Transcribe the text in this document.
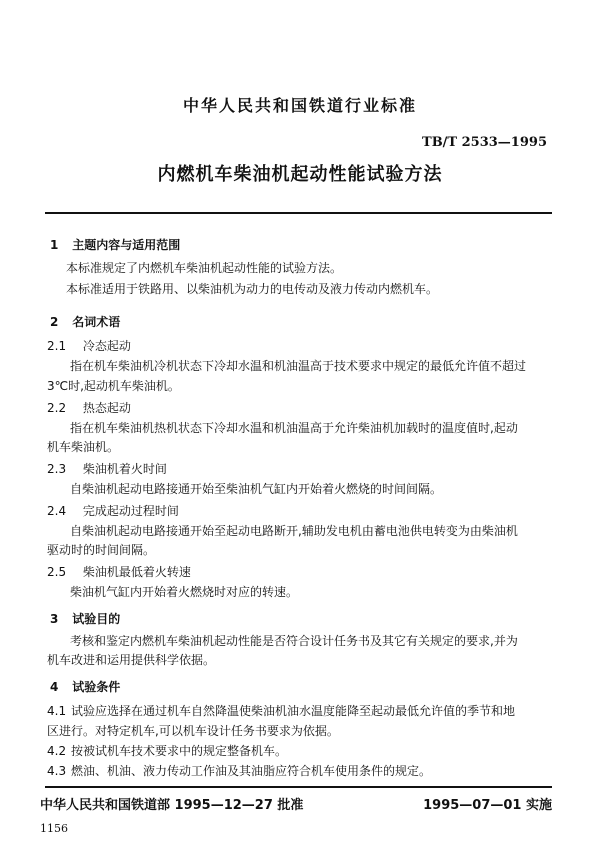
中华人民共和国铁道行业标准
TB/T 2533—1995
内燃机车柴油机起动性能试验方法
1 主题内容与适用范围
本标准规定了内燃机车柴油机起动性能的试验方法。
本标准适用于铁路用、以柴油机为动力的电传动及液力传动内燃机车。
2 名词术语
2.1 冷态起动
指在机车柴油机冷机状态下冷却水温和机油温高于技术要求中规定的最低允许值不超过
3℃时,起动机车柴油机。
2.2 热态起动
指在机车柴油机热机状态下冷却水温和机油温高于允许柴油机加载时的温度值时,起动
机车柴油机。
2.3 柴油机着火时间
自柴油机起动电路接通开始至柴油机气缸内开始着火燃烧的时间间隔。
2.4 完成起动过程时间
自柴油机起动电路接通开始至起动电路断开,辅助发电机由蓄电池供电转变为由柴油机
驱动时的时间间隔。
2.5 柴油机最低着火转速
柴油机气缸内开始着火燃烧时对应的转速。
3 试验目的
考核和鉴定内燃机车柴油机起动性能是否符合设计任务书及其它有关规定的要求,并为
机车改进和运用提供科学依据。
4 试验条件
4.1 试验应选择在通过机车自然降温使柴油机油水温度能降至起动最低允许值的季节和地
区进行。对特定机车,可以机车设计任务书要求为依据。
4.2 按被试机车技术要求中的规定整备机车。
4.3 燃油、机油、液力传动工作油及其油脂应符合机车使用条件的规定。
中华人民共和国铁道部 1995—12—27 批准	1995—07—01 实施
1156
